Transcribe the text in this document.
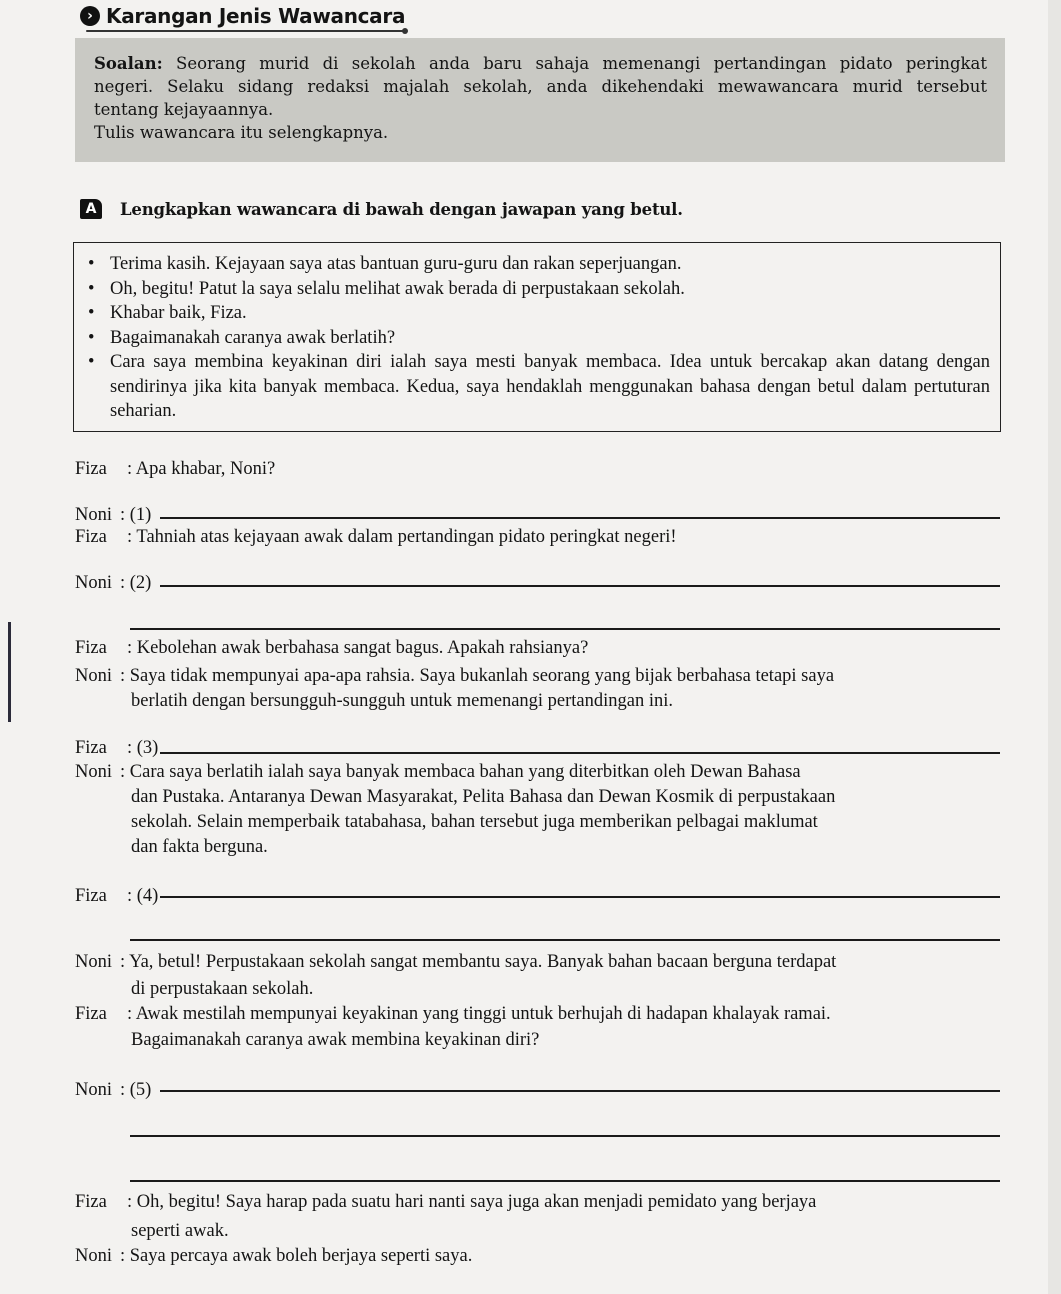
› Karangan Jenis Wawancara
Soalan: Seorang murid di sekolah anda baru sahaja memenangi pertandingan pidato peringkat
negeri. Selaku sidang redaksi majalah sekolah, anda dikehendaki mewawancara murid tersebut
tentang kejayaannya.
Tulis wawancara itu selengkapnya.
A	Lengkapkan wawancara di bawah dengan jawapan yang betul.
• Terima kasih. Kejayaan saya atas bantuan guru-guru dan rakan seperjuangan.
• Oh, begitu! Patut la saya selalu melihat awak berada di perpustakaan sekolah.
• Khabar baik, Fiza.
• Bagaimanakah caranya awak berlatih?
• Cara saya membina keyakinan diri ialah saya mesti banyak membaca. Idea untuk bercakap akan datang dengan sendirinya jika kita banyak membaca. Kedua, saya hendaklah menggunakan bahasa dengan betul dalam pertuturan seharian.
Fiza : Apa khabar, Noni?
Noni : (1)
Fiza : Tahniah atas kejayaan awak dalam pertandingan pidato peringkat negeri!
Noni : (2)
Fiza : Kebolehan awak berbahasa sangat bagus. Apakah rahsianya?
Noni : Saya tidak mempunyai apa-apa rahsia. Saya bukanlah seorang yang bijak berbahasa tetapi saya
berlatih dengan bersungguh-sungguh untuk memenangi pertandingan ini.
Fiza : (3)
Noni : Cara saya berlatih ialah saya banyak membaca bahan yang diterbitkan oleh Dewan Bahasa
dan Pustaka. Antaranya Dewan Masyarakat, Pelita Bahasa dan Dewan Kosmik di perpustakaan
sekolah. Selain memperbaik tatabahasa, bahan tersebut juga memberikan pelbagai maklumat
dan fakta berguna.
Fiza : (4)
Noni : Ya, betul! Perpustakaan sekolah sangat membantu saya. Banyak bahan bacaan berguna terdapat
di perpustakaan sekolah.
Fiza : Awak mestilah mempunyai keyakinan yang tinggi untuk berhujah di hadapan khalayak ramai.
Bagaimanakah caranya awak membina keyakinan diri?
Noni : (5)
Fiza : Oh, begitu! Saya harap pada suatu hari nanti saya juga akan menjadi pemidato yang berjaya
seperti awak.
Noni : Saya percaya awak boleh berjaya seperti saya.
